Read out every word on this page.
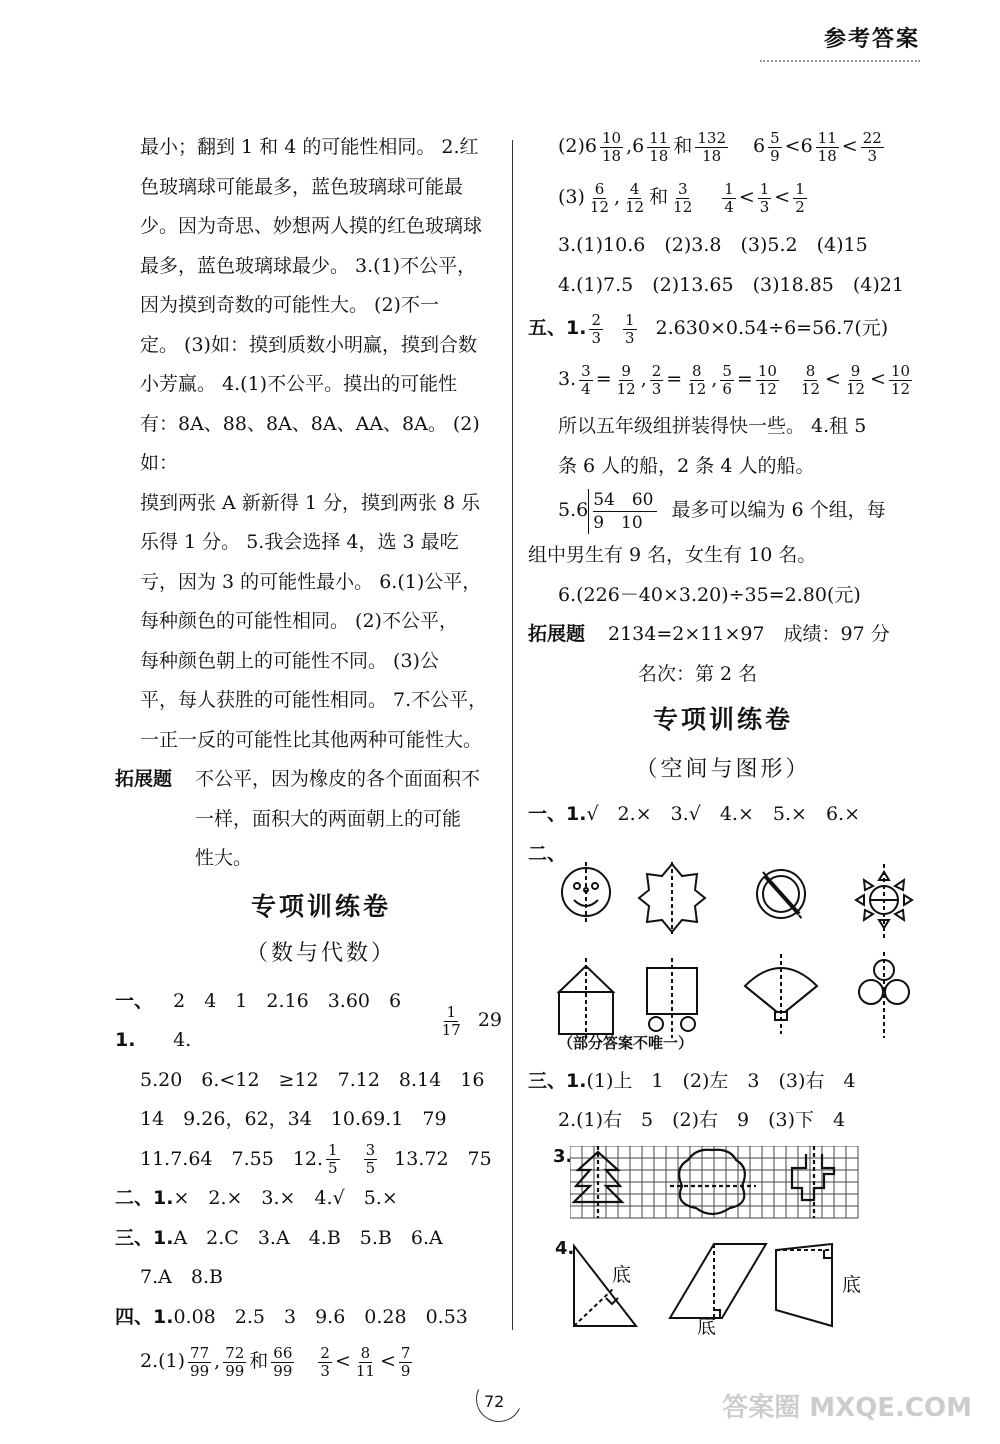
参考答案

最小；翻到 1 和 4 的可能性相同。 2.红

色玻璃球可能最多，蓝色玻璃球可能最

少。因为奇思、妙想两人摸的红色玻璃球

最多，蓝色玻璃球最少。 3.(1)不公平，

因为摸到奇数的可能性大。 (2)不一

定。 (3)如：摸到质数小明赢，摸到合数

小芳赢。 4.(1)不公平。摸出的可能性

有：8A、88、8A、8A、AA、8A。 (2)如：

摸到两张 A 新新得 1 分，摸到两张 8 乐

乐得 1 分。 5.我会选择 4，选 3 最吃

亏，因为 3 的可能性最小。 6.(1)公平，

每种颜色的可能性相同。 (2)不公平，

每种颜色朝上的可能性不同。 (3)公

平，每人获胜的可能性相同。 7.不公平，

一正一反的可能性比其他两种可能性大。

拓展题	不公平，因为橡皮的各个面面积不

一样，面积大的两面朝上的可能

性大。

专项训练卷

（数与代数）

一、1.
2　4　1　2.16　3.60　6　4.
$\frac{1}{17} 29$

5.20　6.<12　≥12　7.12　8.14　16

14　9.26，62，34　10.69.1　79

11.7.64　7.55　12. $\frac{1}{5} \frac{3}{5} 13.72$　75
二、1. ×　2.×　3.×　4.√　5.×
三、1. A　2.C　3.A　4.B　5.B　6.A

7.A　8.B

四、1. 0.08　2.5　3　9.6　0.28　0.53
$2.(1) \frac{77}{99}$ , $\frac{72}{99}$ 和 $\frac{66}{99} \frac{2}{3} < \frac{8}{11} < \frac{7}{9}$
$(2)6 \frac{10}{18} ,6 \frac{11}{18}$ 和 $\frac{132}{18} 6 \frac{5}{9} < 6 \frac{11}{18} < \frac{22}{3}$
$(3) \frac{6}{12}$ , $\frac{4}{12}$ 和 $\frac{3}{12} \frac{1}{4} < \frac{1}{3} < \frac{1}{2}$

3.(1)10.6　(2)3.8　(3)5.2　(4)15

4.(1)7.5　(2)13.65　(3)18.85　(4)21

五、1. $\frac{2}{3} \frac{1}{3} 2.630\times 0.54\div 6=56.7$(元)
3. $\frac{3}{4} = \frac{9}{12}$ , $\frac{2}{3} = \frac{8}{12}$ , $\frac{5}{6} = \frac{10}{12} \frac{8}{12} < \frac{9}{12} < \frac{10}{12}$

所以五年级组拼装得快一些。 4.租 5

条 6 人的船，2 条 4 人的船。

5.6 54　60
9　10
最多可以编为 6 个组，每

组中男生有 9 名，女生有 10 名。

6.(226－40×3.20)÷35=2.80(元)

拓展题	2134=2×11×97　成绩：97 分

名次：第 2 名

专项训练卷

（空间与图形）

一、1. √　2.×　3.√　4.×　5.×　6.×
二、
（部分答案不唯一）
三、1. (1)上　1　(2)左　3　(3)右　4

2.(1)右　5　(2)右　9　(3)下　4

3.
4.
底
底
底
72	答案圈 MXQE.COM
